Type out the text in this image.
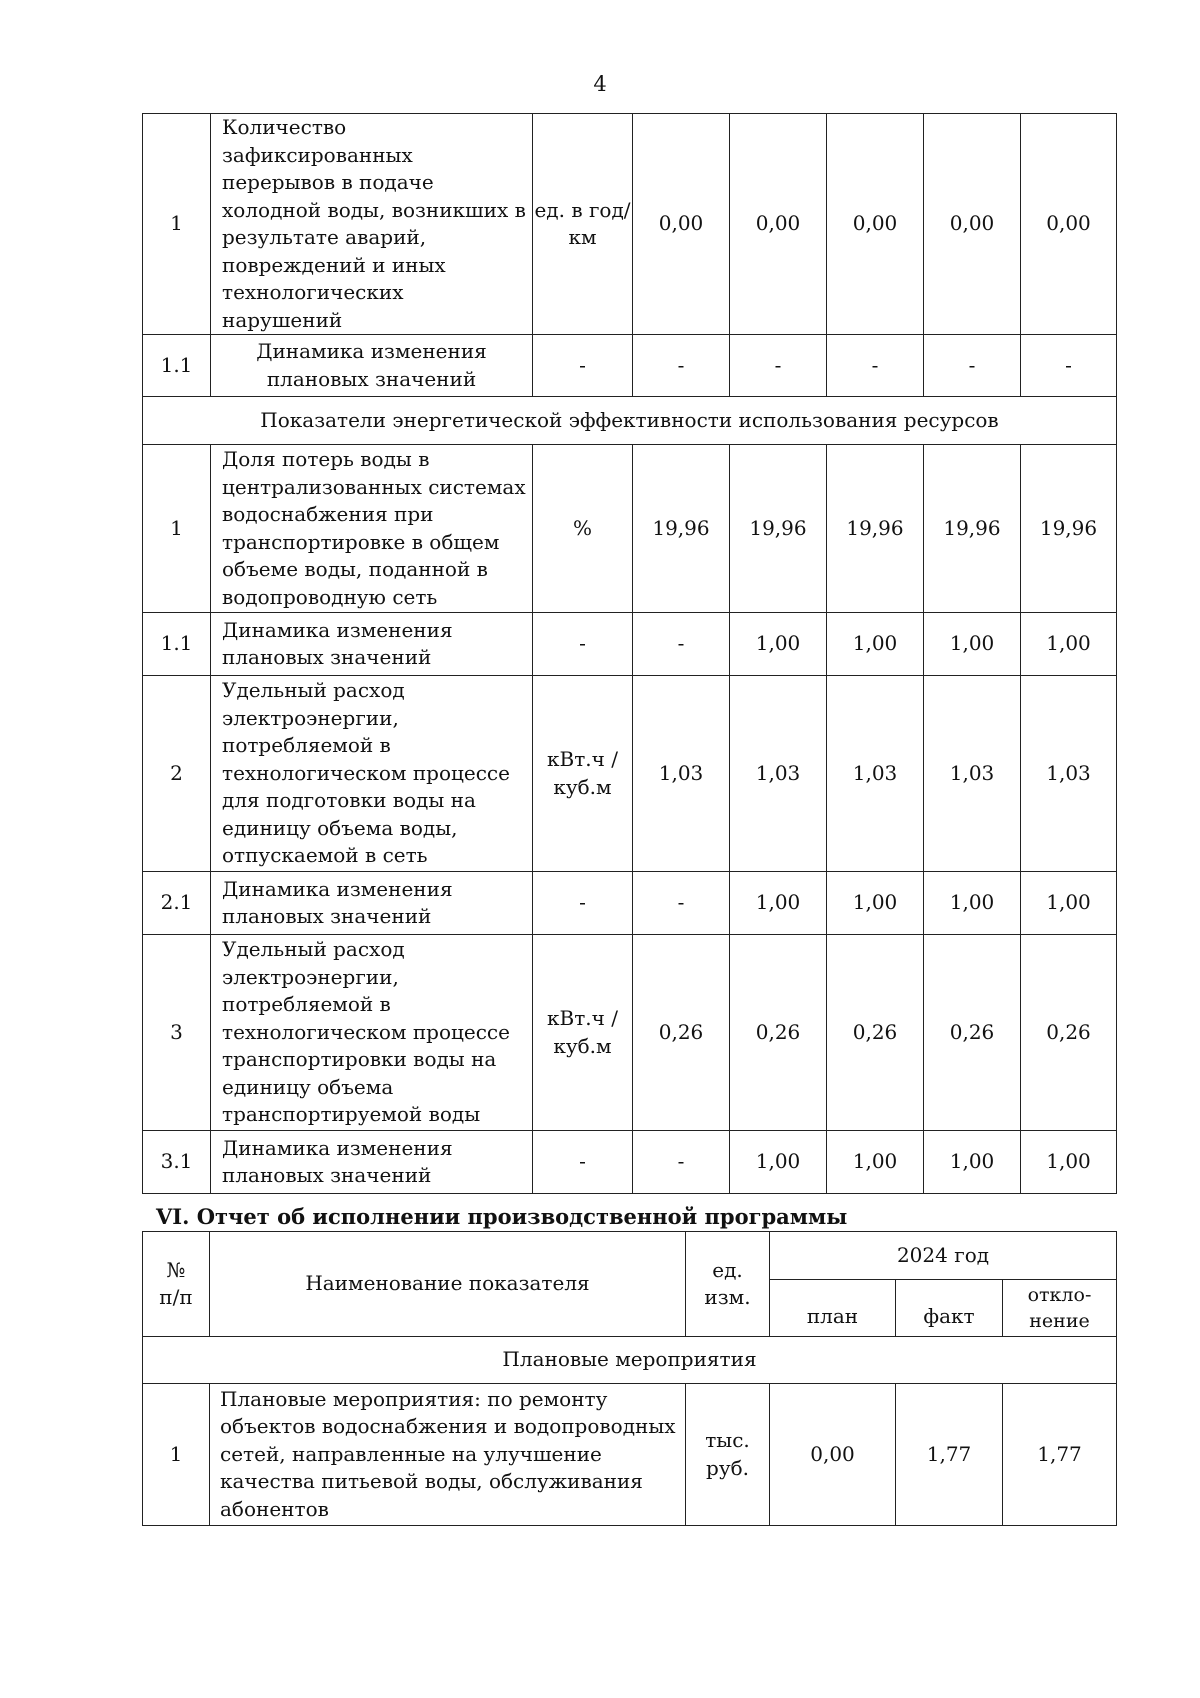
4
1	Количество зафиксированных перерывов в подаче холодной воды, возникших в результате аварий, повреждений и иных технологических нарушений	ед. в год/ км	0,00	0,00	0,00	0,00	0,00
1.1	Динамика изменения плановых значений	-	-	-	-	-	-
Показатели энергетической эффективности использования ресурсов							
1	Доля потерь воды в централизованных системах водоснабжения при транспортировке в общем объеме воды, поданной в водопроводную сеть	%	19,96	19,96	19,96	19,96	19,96
1.1	Динамика изменения плановых значений	-	-	1,00	1,00	1,00	1,00
2	Удельный расход электроэнергии, потребляемой в технологическом процессе для подготовки воды на единицу объема воды, отпускаемой в сеть	кВт.ч / куб.м	1,03	1,03	1,03	1,03	1,03
2.1	Динамика изменения плановых значений	-	-	1,00	1,00	1,00	1,00
3	Удельный расход электроэнергии, потребляемой в технологическом процессе транспортировки воды на единицу объема транспортируемой воды	кВт.ч / куб.м	0,26	0,26	0,26	0,26	0,26
3.1	Динамика изменения плановых значений	-	-	1,00	1,00	1,00	1,00
VI. Отчет об исполнении производственной программы
№ п/п	Наименование показателя	ед. изм.	2024 год		
			план	факт	откло-нение
Плановые мероприятия					
1	Плановые мероприятия: по ремонту объектов водоснабжения и водопроводных сетей, направленные на улучшение качества питьевой воды, обслуживания абонентов	тыс. руб.	0,00	1,77	1,77
